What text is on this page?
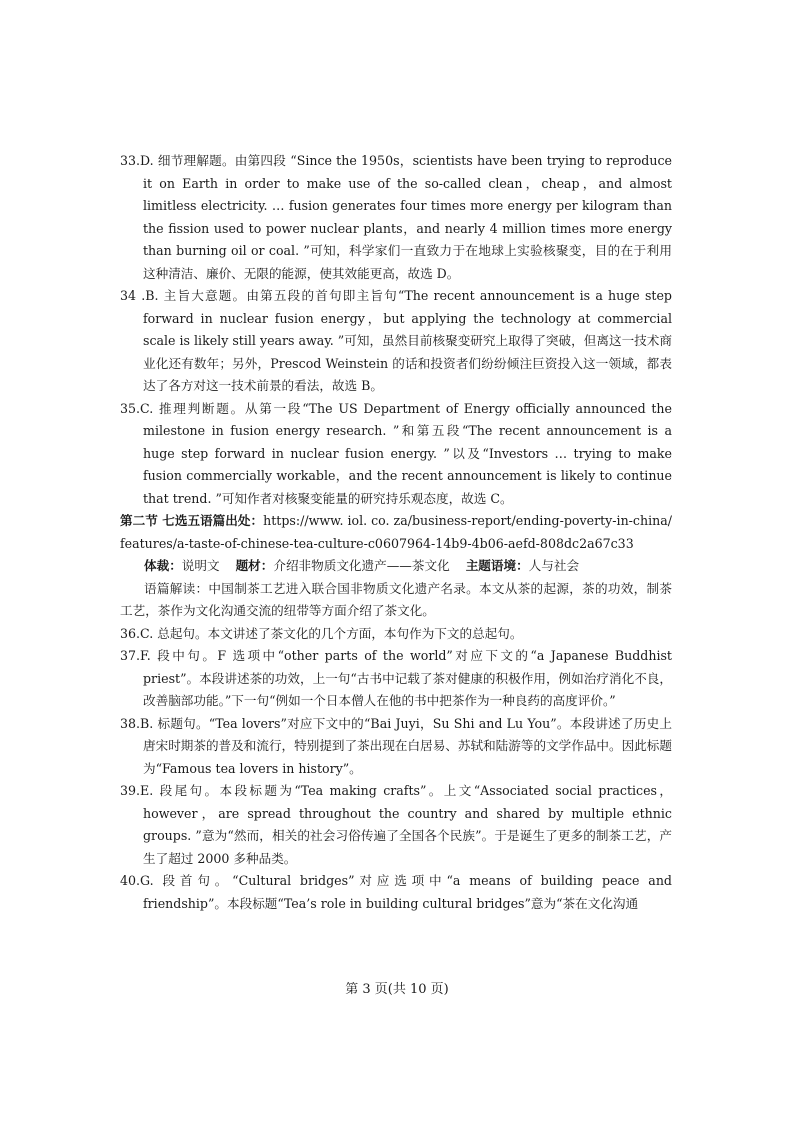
33.D. 细节理解题。由第四段 “Since the 1950s，scientists have been trying to reproduce it on Earth in order to make use of the so-called clean，cheap，and almost limitless electricity. … fusion generates four times more energy per kilogram than the fission used to power nuclear plants，and nearly 4 million times more energy than burning oil or coal. ”可知，科学家们一直致力于在地球上实验核聚变，目的在于利用这种清洁、廉价、无限的能源，使其效能更高，故选 D。

34 .B. 主旨大意题。由第五段的首句即主旨句“The recent announcement is a huge step forward in nuclear fusion energy，but applying the technology at commercial scale is likely still years away. ”可知，虽然目前核聚变研究上取得了突破，但离这一技术商业化还有数年；另外，Prescod Weinstein 的话和投资者们纷纷倾注巨资投入这一领域，都表达了各方对这一技术前景的看法，故选 B。

35.C. 推理判断题。从第一段“The US Department of Energy officially announced the milestone in fusion energy research. ”和第五段“The recent announcement is a huge step forward in nuclear fusion energy. ”以及“Investors … trying to make fusion commercially workable，and the recent announcement is likely to continue that trend. ”可知作者对核聚变能量的研究持乐观态度，故选 C。

第二节 七选五语篇出处：https://www. iol. co. za/business-report/ending-poverty-in-china/features/a-taste-of-chinese-tea-culture-c0607964-14b9-4b06-aefd-808dc2a67c33

体裁：说明文 题材：介绍非物质文化遗产——茶文化 主题语境：人与社会

语篇解读：中国制茶工艺进入联合国非物质文化遗产名录。本文从茶的起源，茶的功效，制茶工艺，茶作为文化沟通交流的纽带等方面介绍了茶文化。

36.C. 总起句。本文讲述了茶文化的几个方面，本句作为下文的总起句。

37.F. 段中句。F 选项中“other parts of the world”对应下文的“a Japanese Buddhist priest”。本段讲述茶的功效，上一句“古书中记载了茶对健康的积极作用，例如治疗消化不良，改善脑部功能。”下一句“例如一个日本僧人在他的书中把茶作为一种良药的高度评价。”

38.B. 标题句。“Tea lovers”对应下文中的“Bai Juyi，Su Shi and Lu You”。本段讲述了历史上唐宋时期茶的普及和流行，特别提到了茶出现在白居易、苏轼和陆游等的文学作品中。因此标题为“Famous tea lovers in history”。

39.E. 段尾句。本段标题为“Tea making crafts”。上文“Associated social practices，however，are spread throughout the country and shared by multiple ethnic groups. ”意为“然而，相关的社会习俗传遍了全国各个民族”。于是诞生了更多的制茶工艺，产生了超过 2000 多种品类。

40.G. 段首句。“Cultural bridges”对应选项中“a means of building peace and friendship”。本段标题“Tea’s role in building cultural bridges”意为“茶在文化沟通

第 3 页(共 10 页)
